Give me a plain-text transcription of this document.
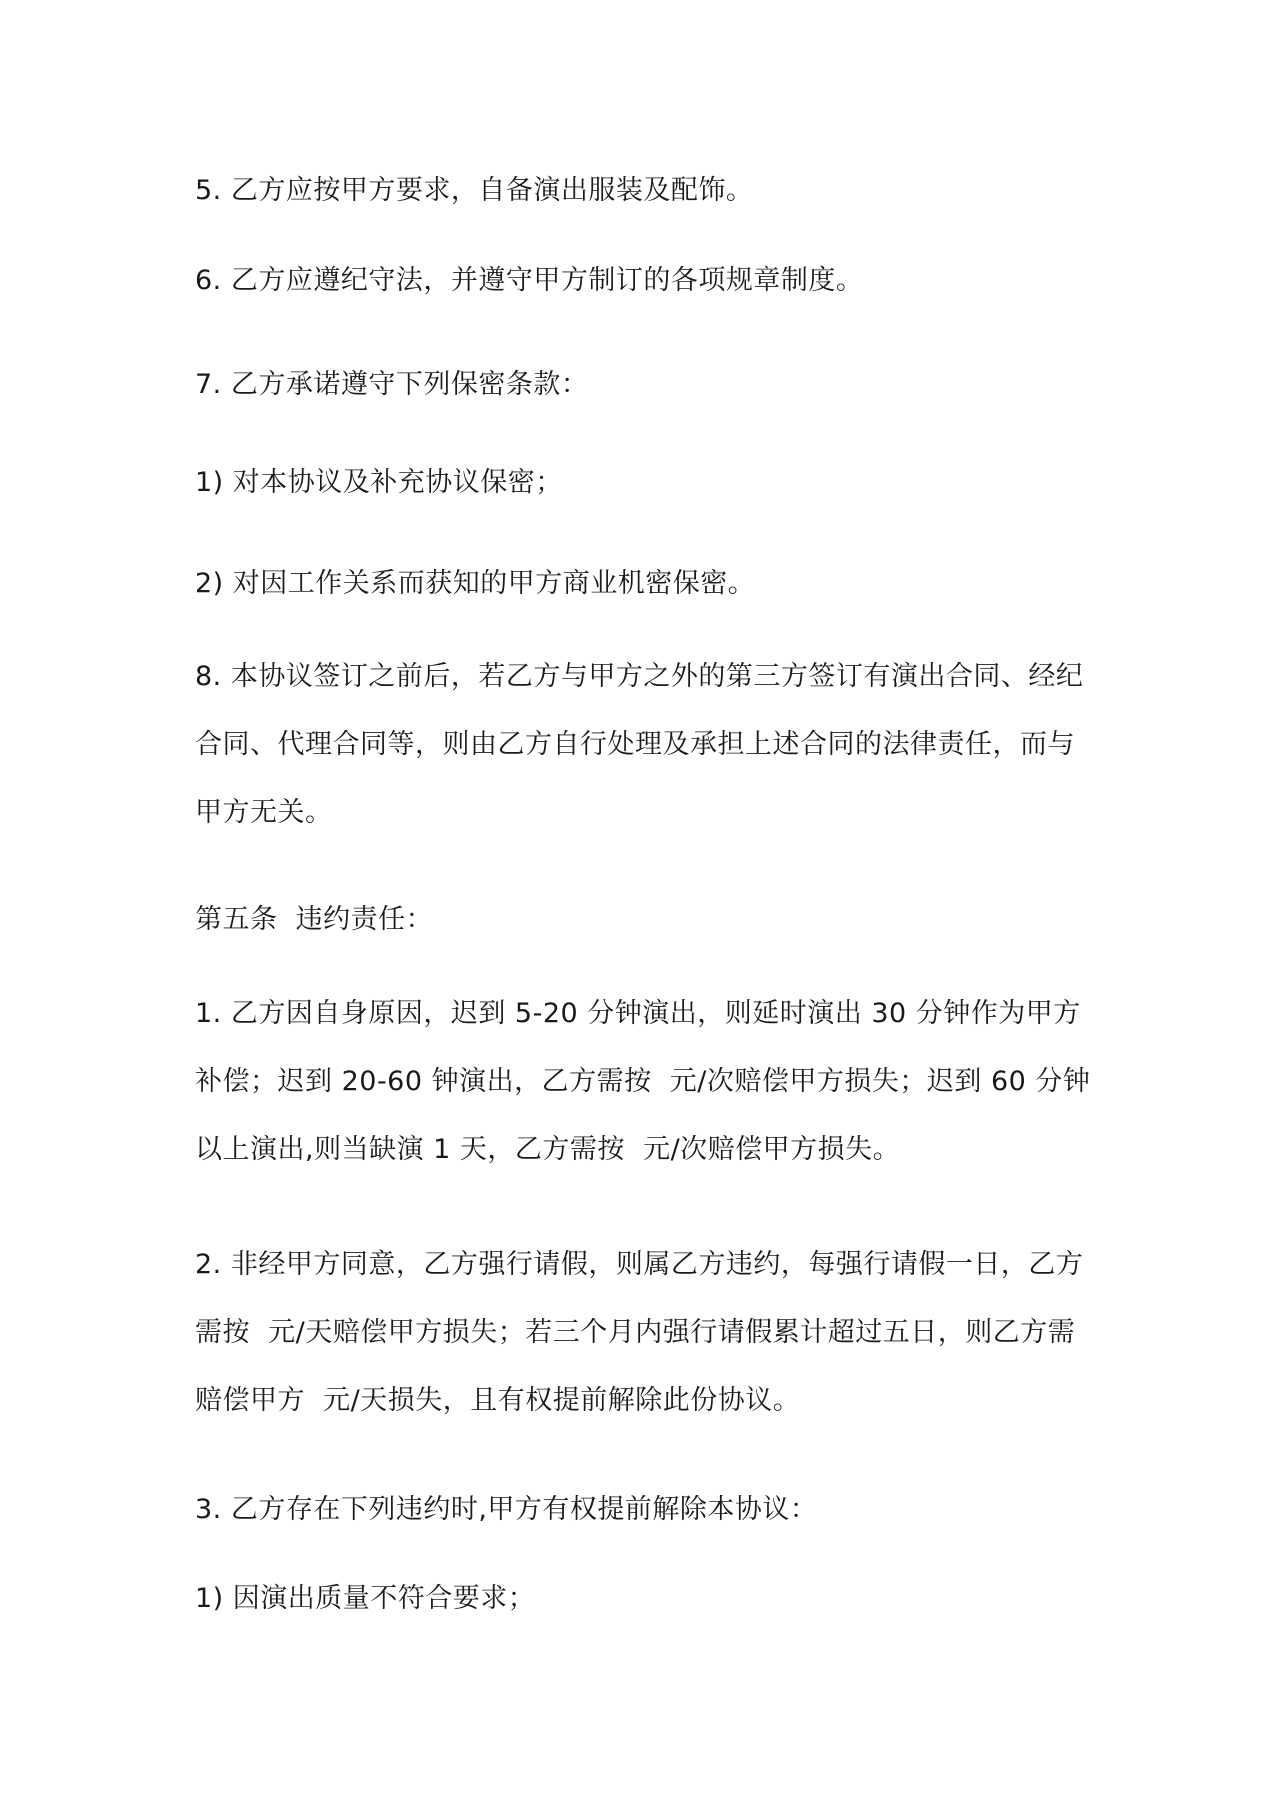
5. 乙方应按甲方要求，自备演出服装及配饰。

6. 乙方应遵纪守法，并遵守甲方制订的各项规章制度。

7. 乙方承诺遵守下列保密条款：

1) 对本协议及补充协议保密；

2) 对因工作关系而获知的甲方商业机密保密。

8. 本协议签订之前后，若乙方与甲方之外的第三方签订有演出合同、经纪合同、代理合同等，则由乙方自行处理及承担上述合同的法律责任，而与甲方无关。

第五条  违约责任：

1. 乙方因自身原因，迟到 5-20 分钟演出，则延时演出 30 分钟作为甲方补偿；迟到 20-60 钟演出，乙方需按  元/次赔偿甲方损失；迟到 60 分钟以上演出,则当缺演 1 天，乙方需按  元/次赔偿甲方损失。

2. 非经甲方同意，乙方强行请假，则属乙方违约，每强行请假一日，乙方需按  元/天赔偿甲方损失；若三个月内强行请假累计超过五日，则乙方需赔偿甲方  元/天损失，且有权提前解除此份协议。

3. 乙方存在下列违约时,甲方有权提前解除本协议：

1) 因演出质量不符合要求；
